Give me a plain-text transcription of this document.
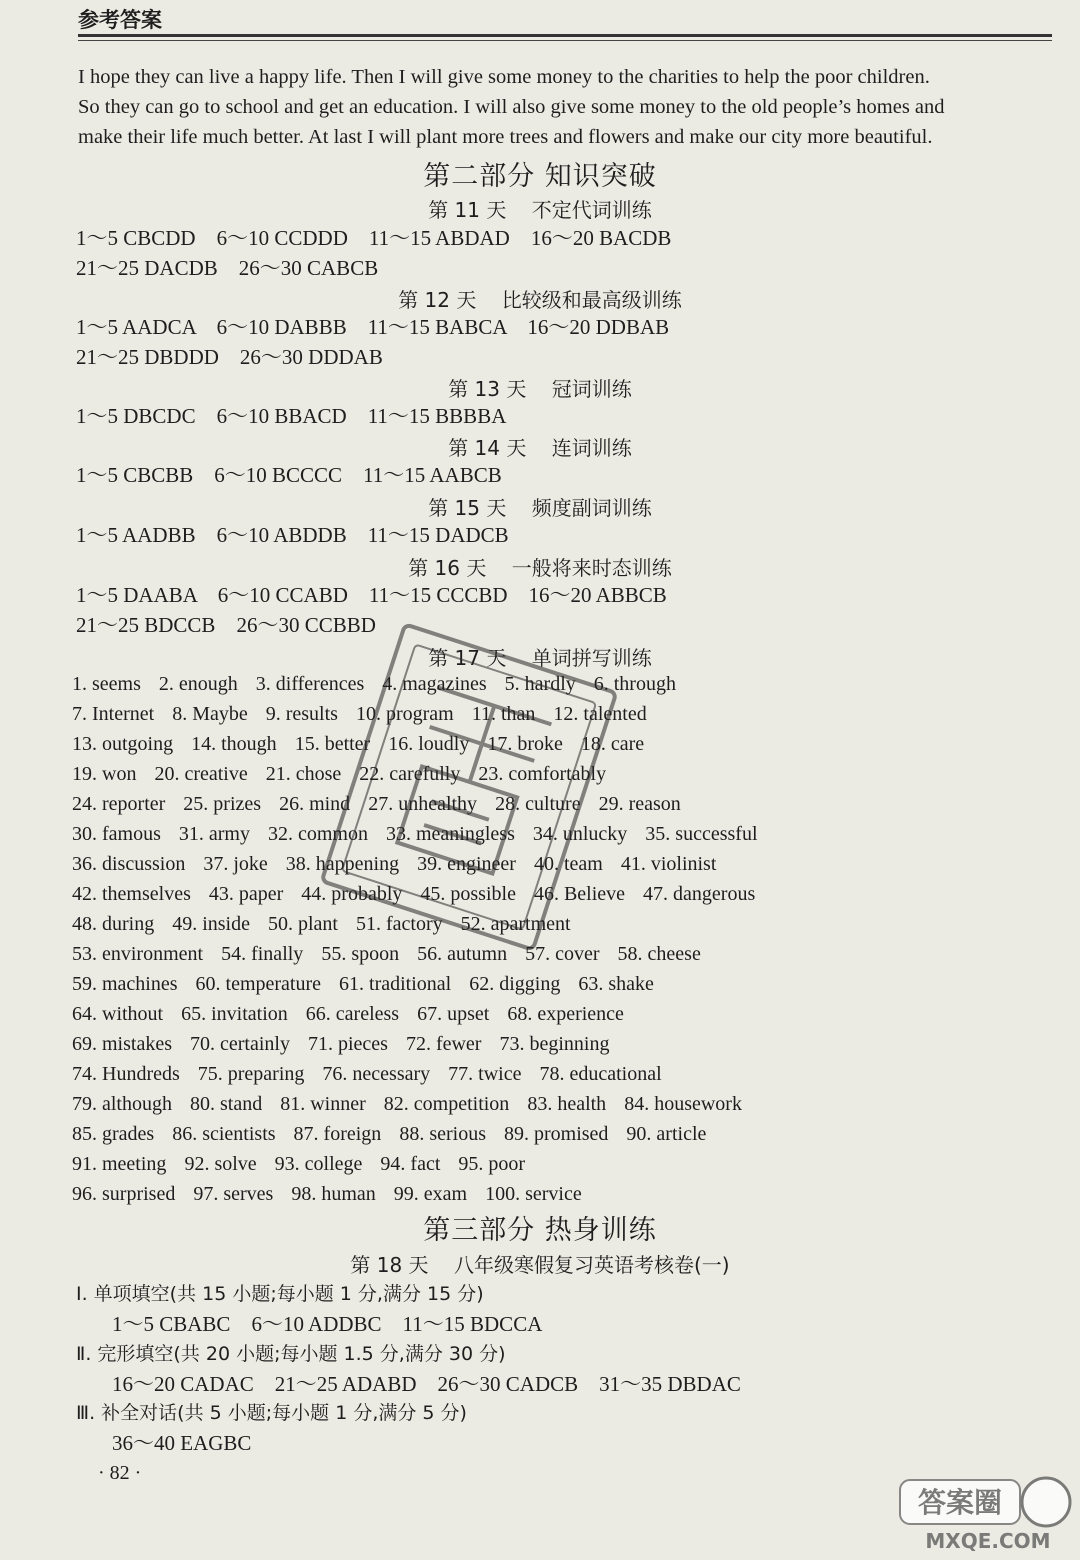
参考答案
I hope they can live a happy life. Then I will give some money to the charities to help the poor children.
So they can go to school and get an education. I will also give some money to the old people’s homes and
make their life much better. At last I will plant more trees and flowers and make our city more beautiful.
第二部分 知识突破
第 11 天    不定代词训练
1～5 CBCDD    6～10 CCDDD    11～15 ABDAD    16～20 BACDB
21～25 DACDB    26～30 CABCB
第 12 天    比较级和最高级训练
1～5 AADCA    6～10 DABBB    11～15 BABCA    16～20 DDBAB
21～25 DBDDD    26～30 DDDAB
第 13 天    冠词训练
1～5 DBCDC    6～10 BBACD    11～15 BBBBA
第 14 天    连词训练
1～5 CBCBB    6～10 BCCCC    11～15 AABCB
第 15 天    频度副词训练
1～5 AADBB    6～10 ABDDB    11～15 DADCB
第 16 天    一般将来时态训练
1～5 DAABA    6～10 CCABD    11～15 CCCBD    16～20 ABBCB
21～25 BDCCB    26～30 CCBBD
第 17 天    单词拼写训练
1. seems 2. enough 3. differences 4. magazines 5. hardly 6. through
7. Internet 8. Maybe 9. results 10. program 11. than 12. talented
13. outgoing 14. though 15. better 16. loudly 17. broke 18. care
19. won 20. creative 21. chose 22. carefully 23. comfortably
24. reporter 25. prizes 26. mind 27. unhealthy 28. culture 29. reason
30. famous 31. army 32. common 33. meaningless 34. unlucky 35. successful
36. discussion 37. joke 38. happening 39. engineer 40. team 41. violinist
42. themselves 43. paper 44. probably 45. possible 46. Believe 47. dangerous
48. during 49. inside 50. plant 51. factory 52. apartment
53. environment 54. finally 55. spoon 56. autumn 57. cover 58. cheese
59. machines 60. temperature 61. traditional 62. digging 63. shake
64. without 65. invitation 66. careless 67. upset 68. experience
69. mistakes 70. certainly 71. pieces 72. fewer 73. beginning
74. Hundreds 75. preparing 76. necessary 77. twice 78. educational
79. although 80. stand 81. winner 82. competition 83. health 84. housework
85. grades 86. scientists 87. foreign 88. serious 89. promised 90. article
91. meeting 92. solve 93. college 94. fact 95. poor
96. surprised 97. serves 98. human 99. exam 100. service
第三部分 热身训练
第 18 天    八年级寒假复习英语考核卷(一)
Ⅰ. 单项填空(共 15 小题;每小题 1 分,满分 15 分)
1～5 CBABC    6～10 ADDBC    11～15 BDCCA
Ⅱ. 完形填空(共 20 小题;每小题 1.5 分,满分 30 分)
16～20 CADAC    21～25 ADABD    26～30 CADCB    31～35 DBDAC
Ⅲ. 补全对话(共 5 小题;每小题 1 分,满分 5 分)
36～40 EAGBC
· 82 ·
答案圈
MXQE.COM
